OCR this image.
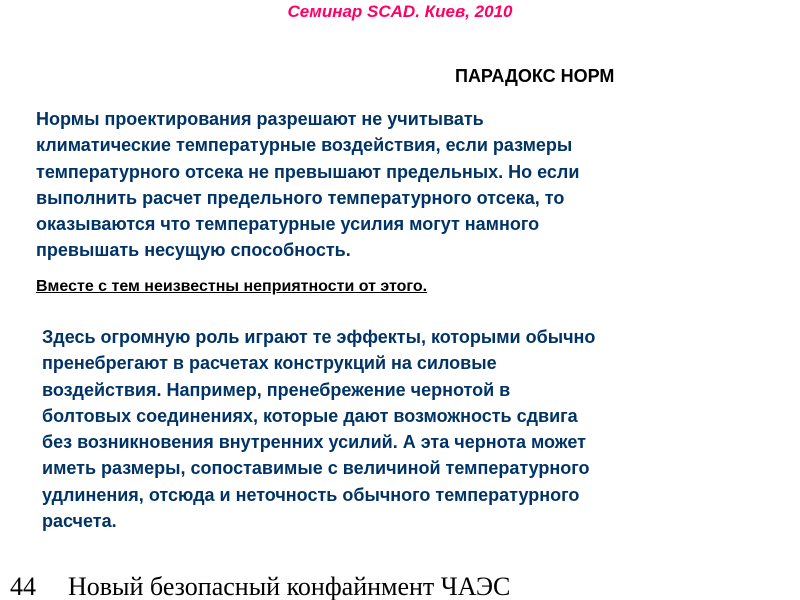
Семинар SCAD. Киев, 2010
ПАРАДОКС НОРМ

Нормы проектирования разрешают не учитывать
климатические температурные воздействия, если размеры
температурного отсека не превышают предельных. Но если
выполнить расчет предельного температурного отсека, то
оказываются что температурные усилия могут намного
превышать несущую способность.

Вместе с тем неизвестны неприятности от этого.

Здесь огромную роль играют те эффекты, которыми обычно
пренебрегают в расчетах конструкций на силовые
воздействия. Например, пренебрежение чернотой в
болтовых соединениях, которые дают возможность сдвига
без возникновения внутренних усилий. А эта чернота может
иметь размеры, сопоставимые с величиной температурного
удлинения, отсюда и неточность обычного температурного
расчета.

44 Новый безопасный конфайнмент ЧАЭС
